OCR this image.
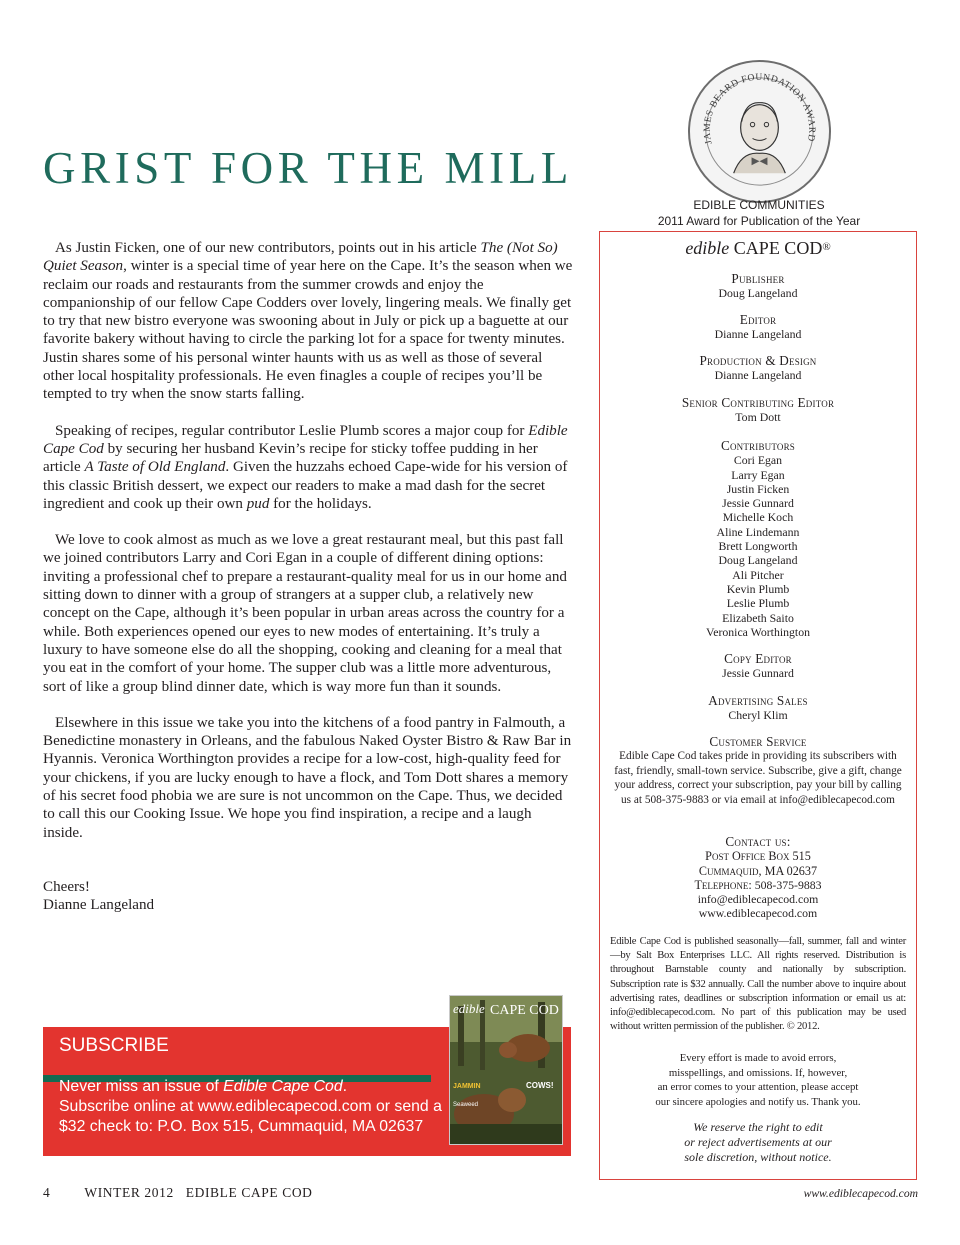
GRIST FOR THE MILL

As Justin Ficken, one of our new contributors, points out in his article The (Not So) Quiet Season, winter is a special time of year here on the Cape. It’s the season when we reclaim our roads and restaurants from the summer crowds and enjoy the companionship of our fellow Cape Codders over lovely, lingering meals. We finally get to try that new bistro everyone was swooning about in July or pick up a baguette at our favorite bakery without having to circle the parking lot for a space for twenty minutes. Justin shares some of his personal winter haunts with us as well as those of several other local hospitality professionals. He even finagles a couple of recipes you’ll be tempted to try when the snow starts falling.

Speaking of recipes, regular contributor Leslie Plumb scores a major coup for Edible Cape Cod by securing her husband Kevin’s recipe for sticky toffee pudding in her article A Taste of Old England. Given the huzzahs echoed Cape-wide for his version of this classic British dessert, we expect our readers to make a mad dash for the secret ingredient and cook up their own pud for the holidays.

We love to cook almost as much as we love a great restaurant meal, but this past fall we joined contributors Larry and Cori Egan in a couple of different dining options: inviting a professional chef to prepare a restaurant-quality meal for us in our home and sitting down to dinner with a group of strangers at a supper club, a relatively new concept on the Cape, although it’s been popular in urban areas across the country for a while. Both experiences opened our eyes to new modes of entertaining. It’s truly a luxury to have someone else do all the shopping, cooking and cleaning for a meal that you eat in the comfort of your home. The supper club was a little more adventurous, sort of like a group blind dinner date, which is way more fun than it sounds.

Elsewhere in this issue we take you into the kitchens of a food pantry in Falmouth, a Benedictine monastery in Orleans, and the fabulous Naked Oyster Bistro & Raw Bar in Hyannis. Veronica Worthington provides a recipe for a low-cost, high-quality feed for your chickens, if you are lucky enough to have a flock, and Tom Dott shares a memory of his secret food phobia we are sure is not uncommon on the Cape. Thus, we decided to call this our Cooking Issue. We hope you find inspiration, a recipe and a laugh inside.

Cheers!
Dianne Langeland

SUBSCRIBE
Never miss an issue of Edible Cape Cod.
Subscribe online at www.ediblecapecod.com or send a
$32 check to: P.O. Box 515, Cummaquid, MA 02637
edible CAPE COD
JAMMIN
Seaweed
COWS!
JAMES BEARD FOUNDATION AWARD
EDIBLE COMMUNITIES
2011 Award for Publication of the Year
edible CAPE COD®
Publisher
Doug Langeland
Editor
Dianne Langeland
Production & Design
Dianne Langeland
Senior Contributing Editor
Tom Dott
Contributors
Cori Egan
Larry Egan
Justin Ficken
Jessie Gunnard
Michelle Koch
Aline Lindemann
Brett Longworth
Doug Langeland
Ali Pitcher
Kevin Plumb
Leslie Plumb
Elizabeth Saito
Veronica Worthington
Copy Editor
Jessie Gunnard
Advertising Sales
Cheryl Klim
Customer Service
Edible Cape Cod takes pride in providing its subscribers with fast, friendly, small-town service. Subscribe, give a gift, change your address, correct your subscription, pay your bill by calling us at 508-375-9883 or via email at info@ediblecapecod.com
Contact us:
Post Office Box 515
Cummaquid, MA 02637
Telephone: 508-375-9883
info@ediblecapecod.com
www.ediblecapecod.com
Edible Cape Cod is published seasonally—fall, summer, fall and winter—by Salt Box Enterprises LLC. All rights reserved. Distribution is throughout Barnstable county and nationally by subscription. Subscription rate is $32 annually. Call the number above to inquire about advertising rates, deadlines or subscription information or email us at: info@ediblecapecod.com. No part of this publication may be used without written permission of the publisher. © 2012.
Every effort is made to avoid errors,
misspellings, and omissions. If, however,
an error comes to your attention, please accept
our sincere apologies and notify us. Thank you.
We reserve the right to edit
or reject advertisements at our
sole discretion, without notice.
4	WINTER 2012 EDIBLE CAPE COD	www.ediblecapecod.com
